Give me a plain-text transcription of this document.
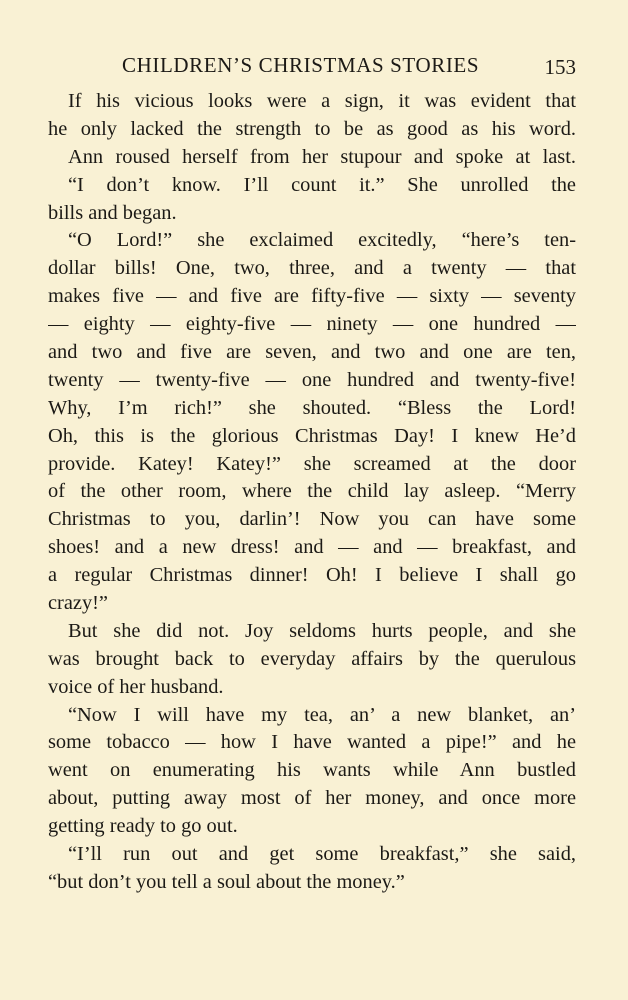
CHILDREN’S CHRISTMAS STORIES	153
If his vicious looks were a sign, it was evident that
he only lacked the strength to be as good as his word.
Ann roused herself from her stupour and spoke at last.
“I don’t know. I’ll count it.” She unrolled the
bills and began.
“O Lord!” she exclaimed excitedly, “here’s ten-
dollar bills! One, two, three, and a twenty — that
makes five — and five are fifty-five — sixty — seventy
— eighty — eighty-five — ninety — one hundred —
and two and five are seven, and two and one are ten,
twenty — twenty-five — one hundred and twenty-five!
Why, I’m rich!” she shouted. “Bless the Lord!
Oh, this is the glorious Christmas Day! I knew He’d
provide. Katey! Katey!” she screamed at the door
of the other room, where the child lay asleep. “Merry
Christmas to you, darlin’! Now you can have some
shoes! and a new dress! and — and — breakfast, and
a regular Christmas dinner! Oh! I believe I shall go
crazy!”
But she did not. Joy seldoms hurts people, and she
was brought back to everyday affairs by the querulous
voice of her husband.
“Now I will have my tea, an’ a new blanket, an’
some tobacco — how I have wanted a pipe!” and he
went on enumerating his wants while Ann bustled
about, putting away most of her money, and once more
getting ready to go out.
“I’ll run out and get some breakfast,” she said,
“but don’t you tell a soul about the money.”
